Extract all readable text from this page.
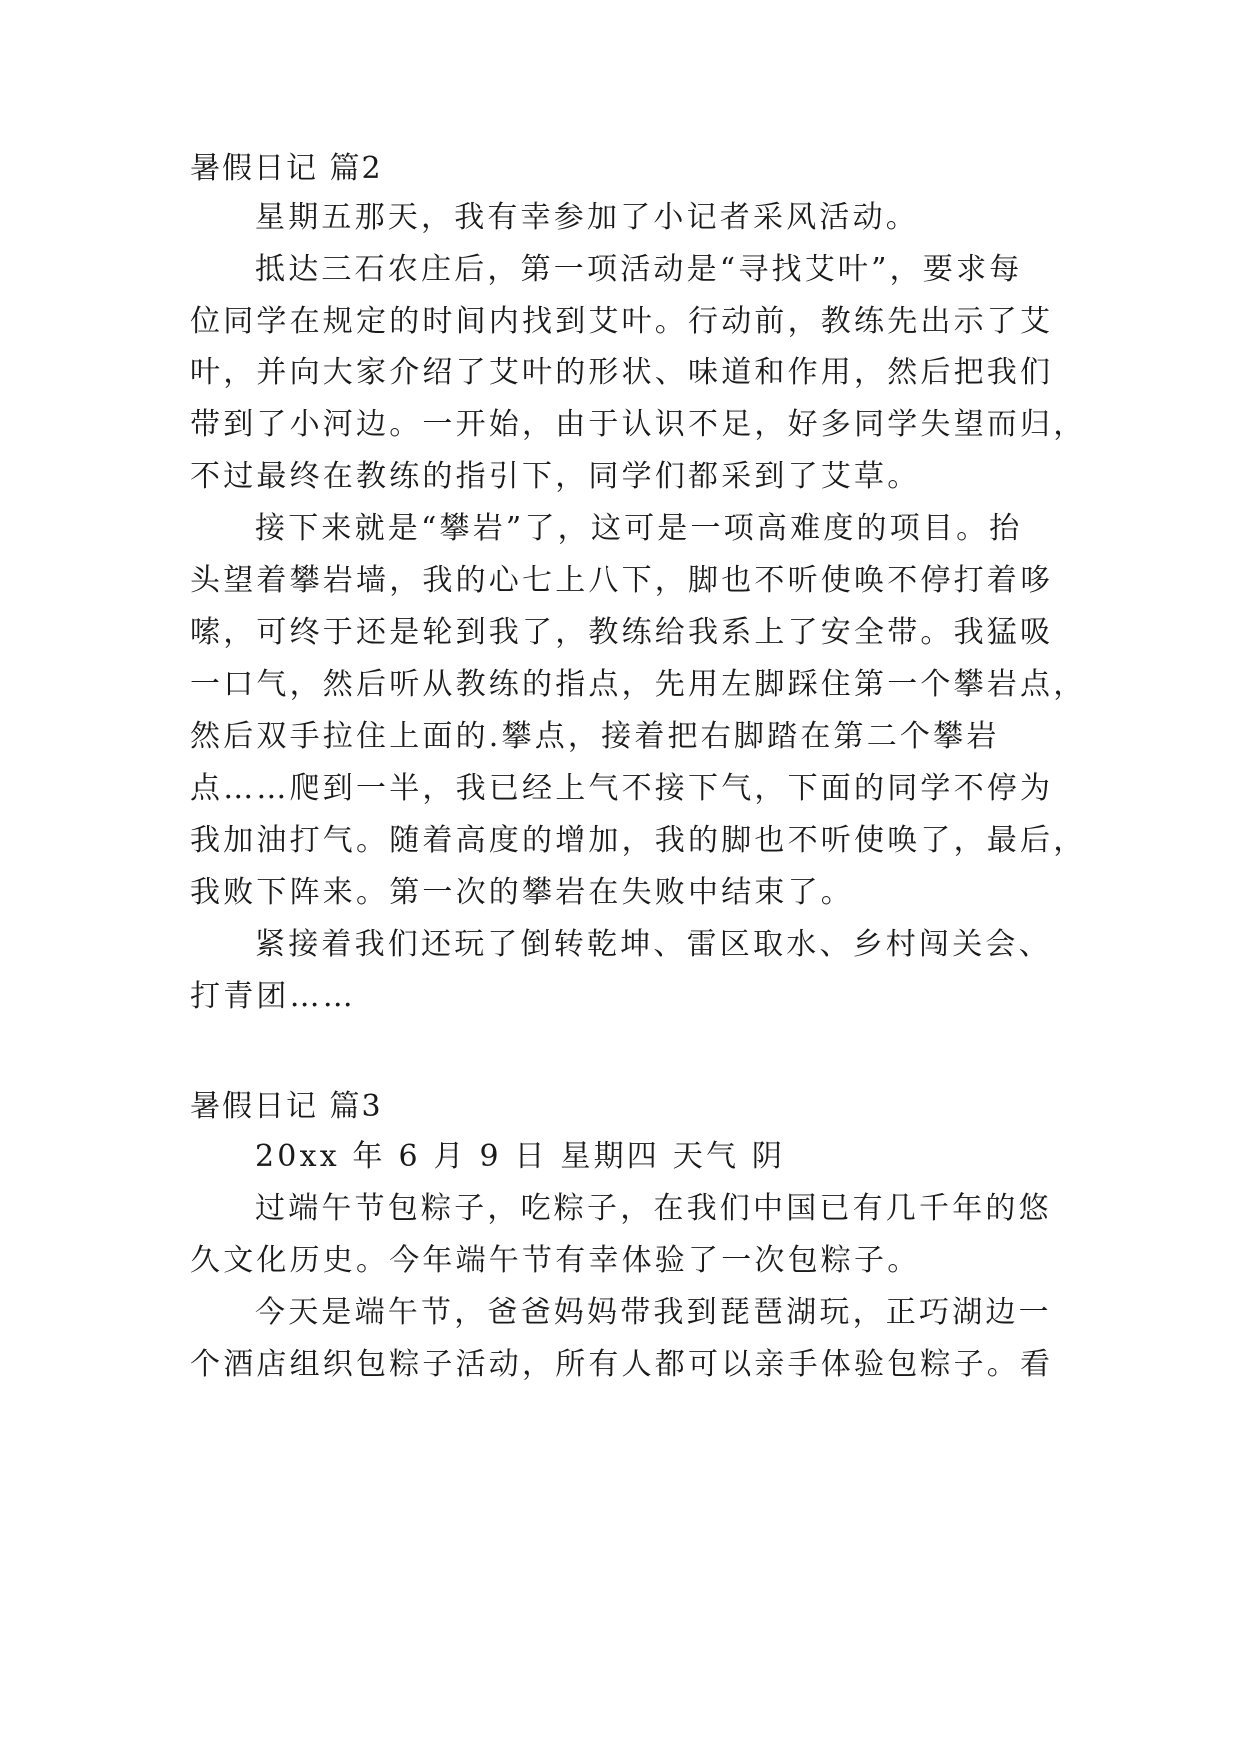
暑假日记 篇2
星期五那天，我有幸参加了小记者采风活动。
抵达三石农庄后，第一项活动是“寻找艾叶”，要求每
位同学在规定的时间内找到艾叶。行动前，教练先出示了艾
叶，并向大家介绍了艾叶的形状、味道和作用，然后把我们
带到了小河边。一开始，由于认识不足，好多同学失望而归，
不过最终在教练的指引下，同学们都采到了艾草。
接下来就是“攀岩”了，这可是一项高难度的项目。抬
头望着攀岩墙，我的心七上八下，脚也不听使唤不停打着哆
嗦，可终于还是轮到我了，教练给我系上了安全带。我猛吸
一口气，然后听从教练的指点，先用左脚踩住第一个攀岩点，
然后双手拉住上面的.攀点，接着把右脚踏在第二个攀岩
点……爬到一半，我已经上气不接下气，下面的同学不停为
我加油打气。随着高度的增加，我的脚也不听使唤了，最后，
我败下阵来。第一次的攀岩在失败中结束了。
紧接着我们还玩了倒转乾坤、雷区取水、乡村闯关会、
打青团……
暑假日记 篇3
20xx 年 6 月 9 日 星期四 天气 阴
过端午节包粽子，吃粽子，在我们中国已有几千年的悠
久文化历史。今年端午节有幸体验了一次包粽子。
今天是端午节，爸爸妈妈带我到琵琶湖玩，正巧湖边一
个酒店组织包粽子活动，所有人都可以亲手体验包粽子。看
